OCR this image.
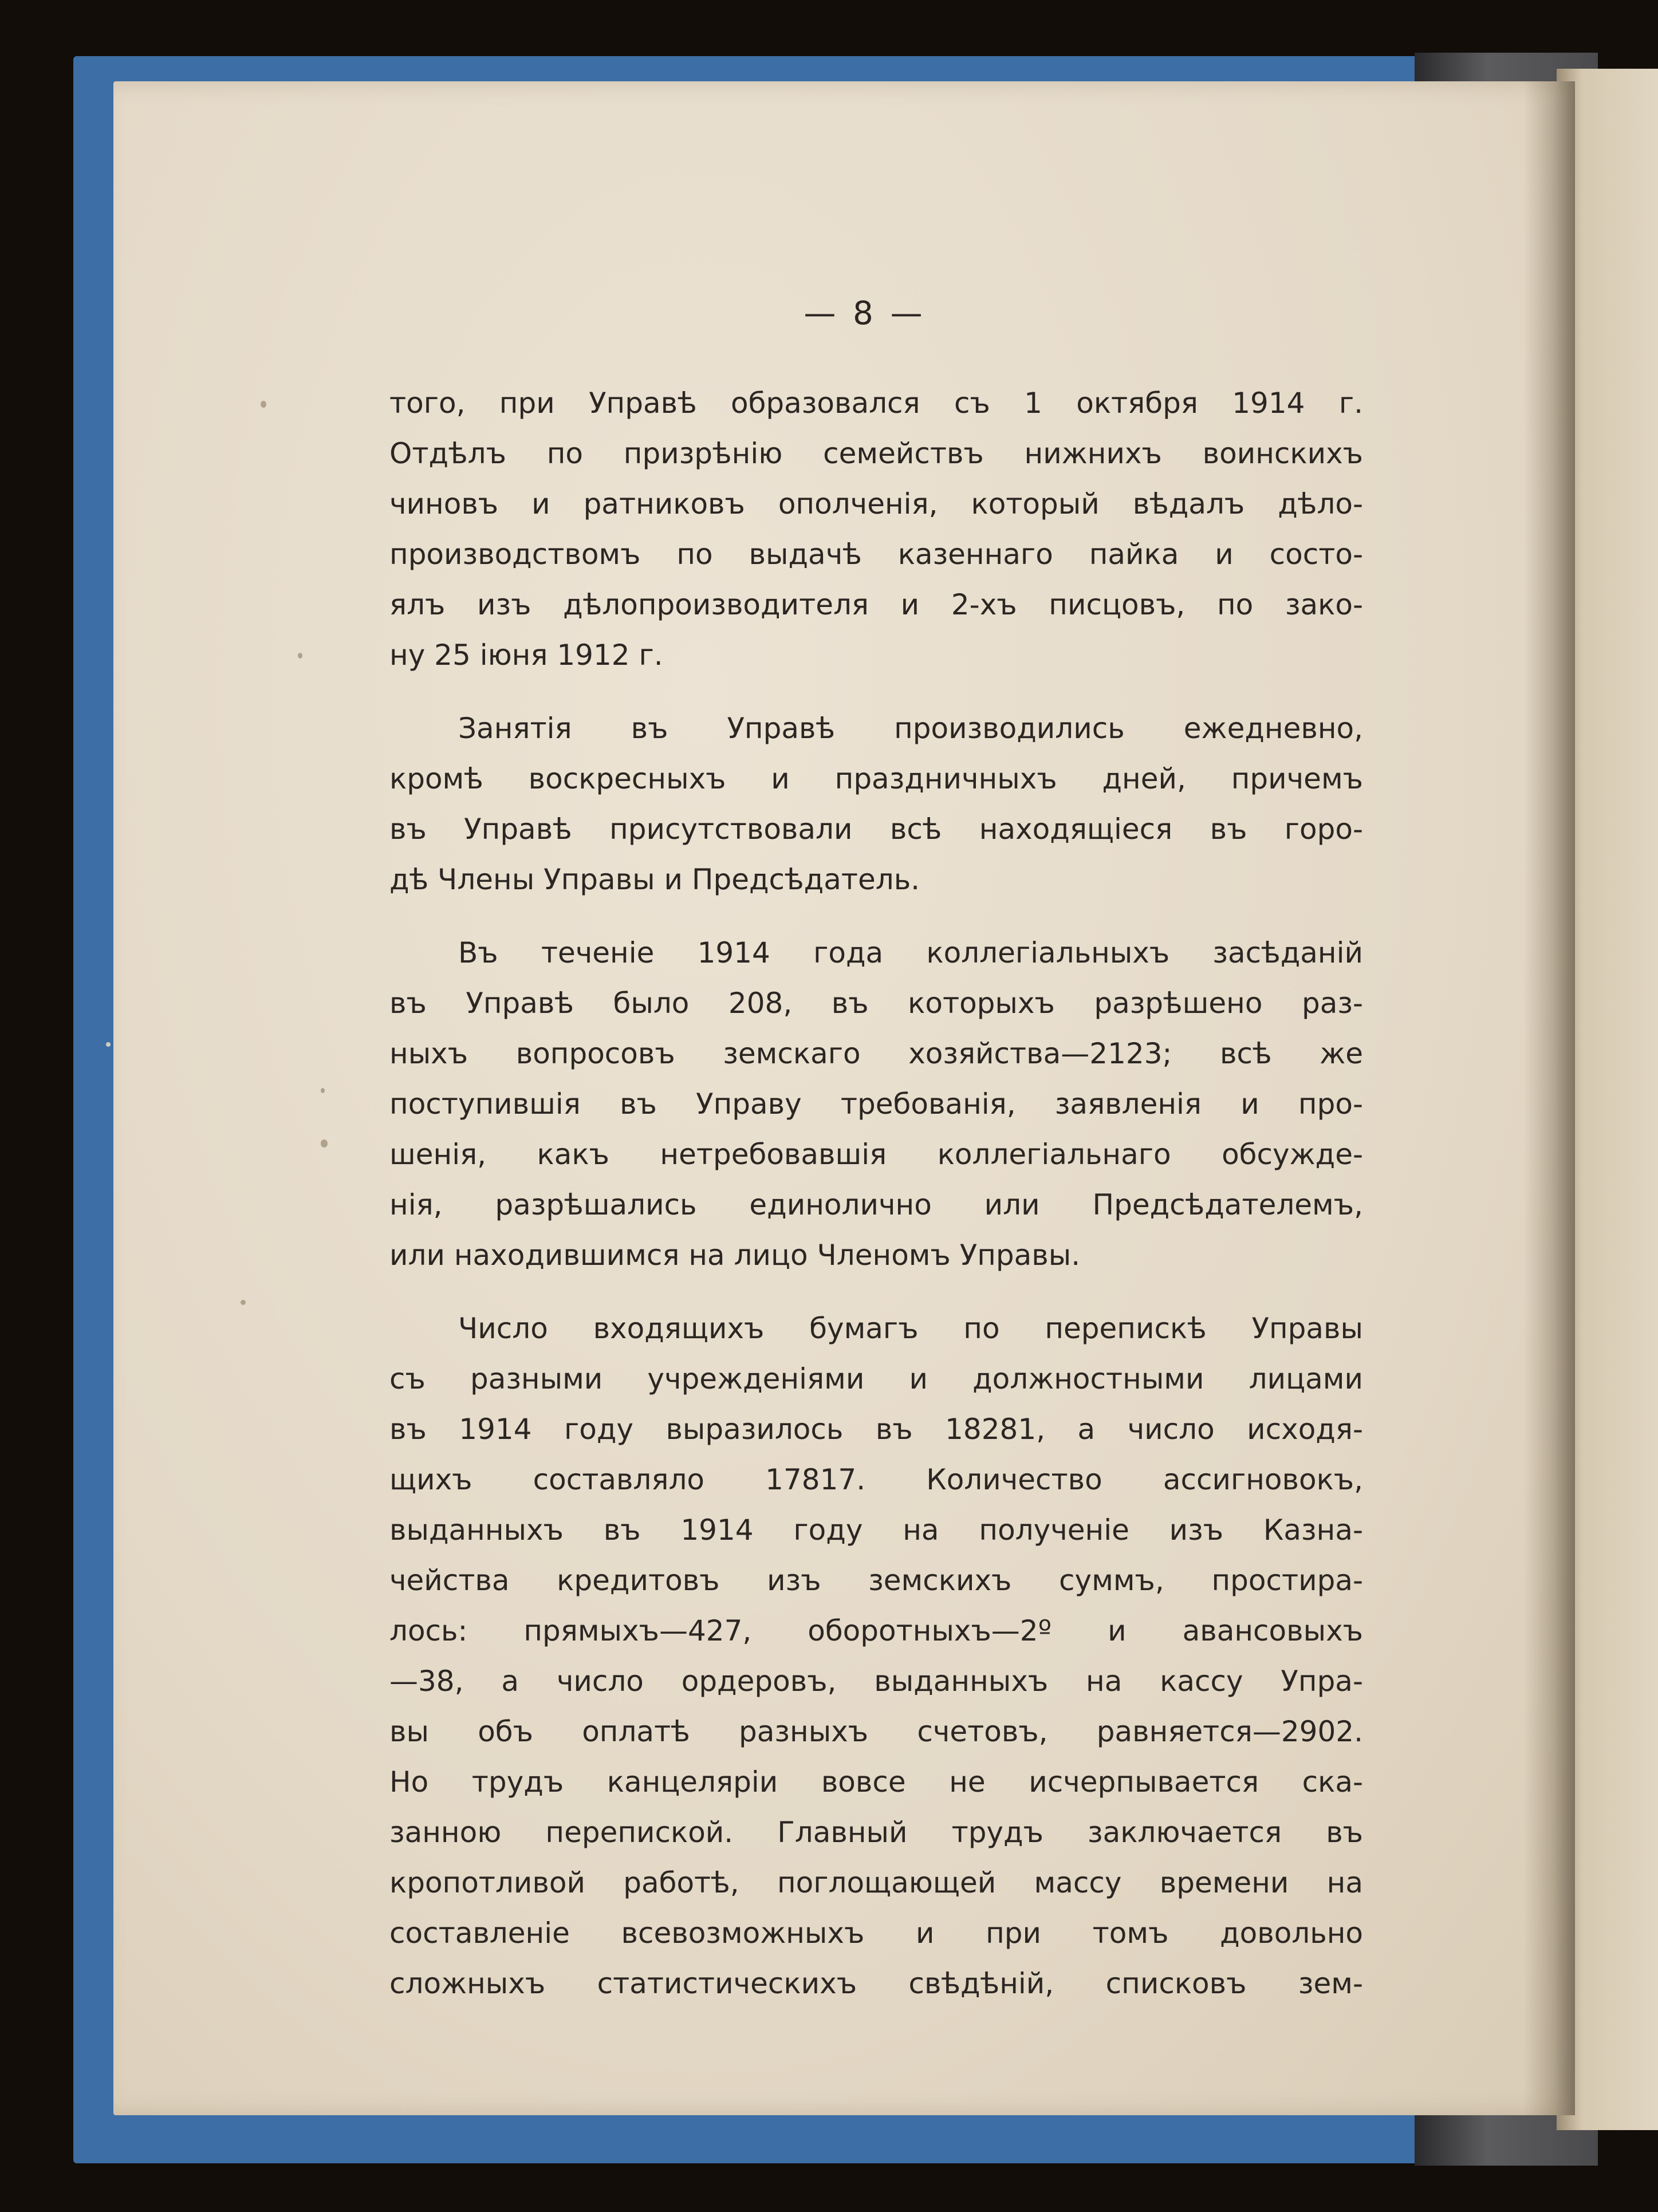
— 8 —

того, при Управѣ образовался съ 1 октября 1914 г.
Отдѣлъ по призрѣнію семействъ нижнихъ воинскихъ
чиновъ и ратниковъ ополченія, который вѣдалъ дѣло-
производствомъ по выдачѣ казеннаго пайка и состо-
ялъ изъ дѣлопроизводителя и 2-хъ писцовъ, по зако-
ну 25 іюня 1912 г.

Занятія въ Управѣ производились ежедневно,
кромѣ воскресныхъ и праздничныхъ дней, причемъ
въ Управѣ присутствовали всѣ находящіеся въ горо-
дѣ Члены Управы и Предсѣдатель.

Въ теченіе 1914 года коллегіальныхъ засѣданій
въ Управѣ было 208, въ которыхъ разрѣшено раз-
ныхъ вопросовъ земскаго хозяйства—2123; всѣ же
поступившія въ Управу требованія, заявленія и про-
шенія, какъ нетребовавшія коллегіальнаго обсужде-
нія, разрѣшались единолично или Предсѣдателемъ,
или находившимся на лицо Членомъ Управы.

Число входящихъ бумагъ по перепискѣ Управы
съ разными учрежденіями и должностными лицами
въ 1914 году выразилось въ 18281, а число исходя-
щихъ составляло 17817. Количество ассигновокъ,
выданныхъ въ 1914 году на полученіе изъ Казна-
чейства кредитовъ изъ земскихъ суммъ, простира-
лось: прямыхъ—427, оборотныхъ—2º и авансовыхъ
—38, а число ордеровъ, выданныхъ на кассу Упра-
вы объ оплатѣ разныхъ счетовъ, равняется—2902.
Но трудъ канцеляріи вовсе не исчерпывается ска-
занною перепиской. Главный трудъ заключается въ
кропотливой работѣ, поглощающей массу времени на
составленіе всевозможныхъ и при томъ довольно
сложныхъ статистическихъ свѣдѣній, списковъ зем-
